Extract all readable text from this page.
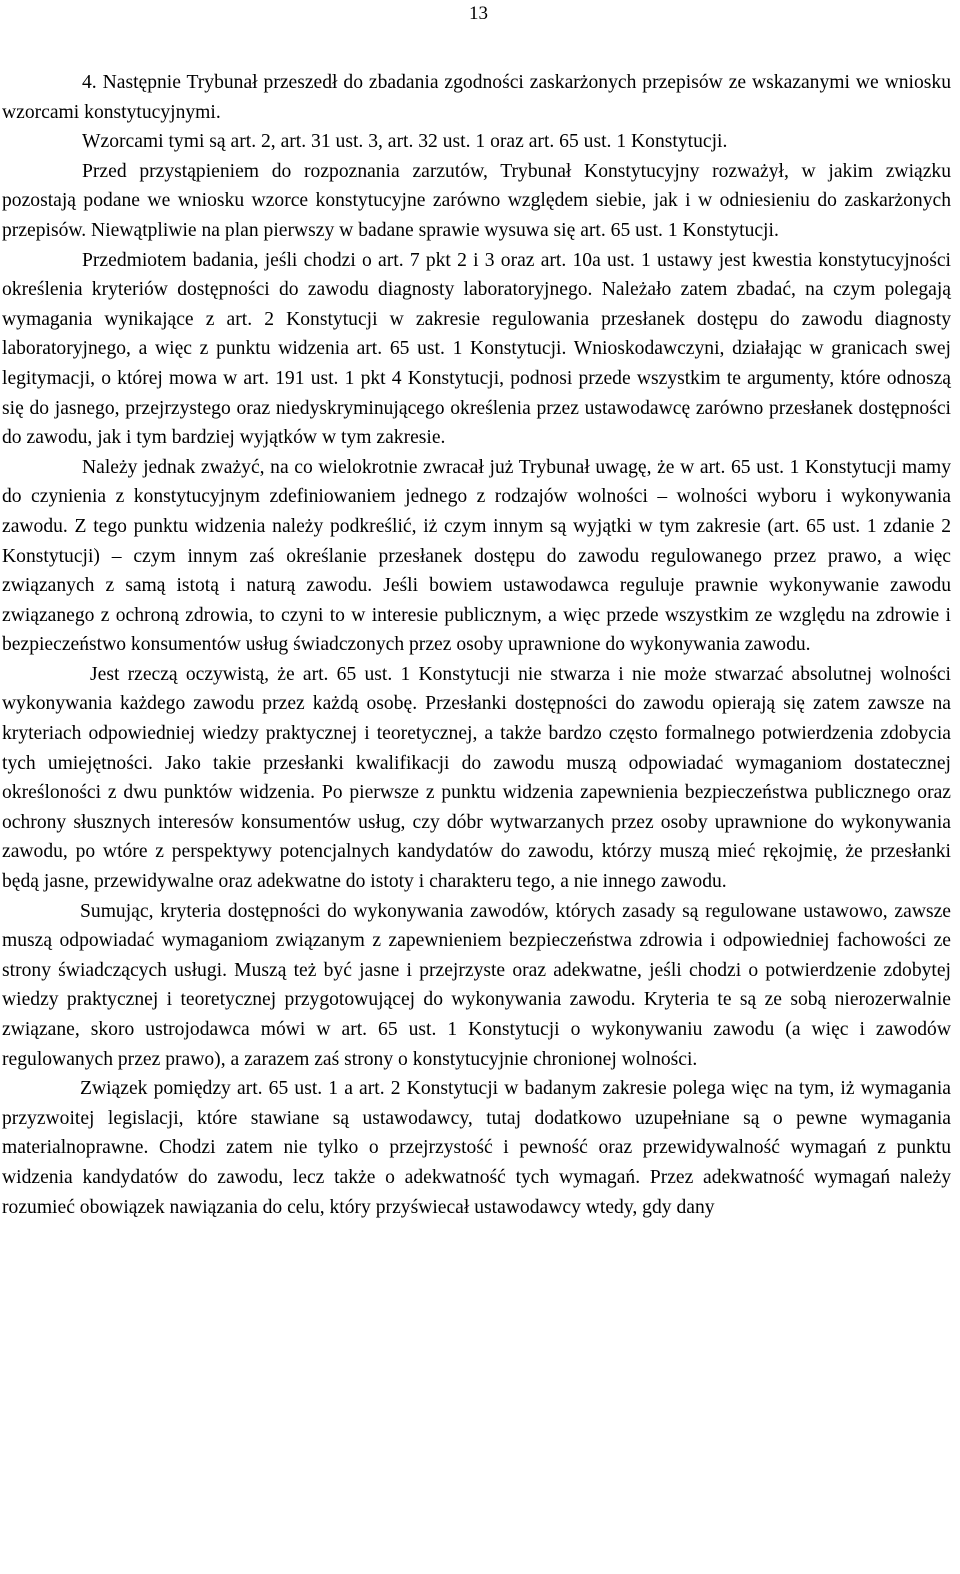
13

4. Następnie Trybunał przeszedł do zbadania zgodności zaskarżonych przepisów ze wskazanymi we wniosku wzorcami konstytucyjnymi.

Wzorcami tymi są art. 2, art. 31 ust. 3, art. 32 ust. 1 oraz art. 65 ust. 1 Konstytucji.

Przed przystąpieniem do rozpoznania zarzutów, Trybunał Konstytucyjny rozważył, w jakim związku pozostają podane we wniosku wzorce konstytucyjne zarówno względem siebie, jak i w odniesieniu do zaskarżonych przepisów. Niewątpliwie na plan pierwszy w badane sprawie wysuwa się art. 65 ust. 1 Konstytucji.

Przedmiotem badania, jeśli chodzi o art. 7 pkt 2 i 3 oraz art. 10a ust. 1 ustawy jest kwestia konstytucyjności określenia kryteriów dostępności do zawodu diagnosty laboratoryjnego. Należało zatem zbadać, na czym polegają wymagania wynikające z art. 2 Konstytucji w zakresie regulowania przesłanek dostępu do zawodu diagnosty laboratoryjnego, a więc z punktu widzenia art. 65 ust. 1 Konstytucji. Wnioskodawczyni, działając w granicach swej legitymacji, o której mowa w art. 191 ust. 1 pkt 4 Konstytucji, podnosi przede wszystkim te argumenty, które odnoszą się do jasnego, przejrzystego oraz niedyskryminującego określenia przez ustawodawcę zarówno przesłanek dostępności do zawodu, jak i tym bardziej wyjątków w tym zakresie.

Należy jednak zważyć, na co wielokrotnie zwracał już Trybunał uwagę, że w art. 65 ust. 1 Konstytucji mamy do czynienia z konstytucyjnym zdefiniowaniem jednego z rodzajów wolności – wolności wyboru i wykonywania zawodu. Z tego punktu widzenia należy podkreślić, iż czym innym są wyjątki w tym zakresie (art. 65 ust. 1 zdanie 2 Konstytucji) – czym innym zaś określanie przesłanek dostępu do zawodu regulowanego przez prawo, a więc związanych z samą istotą i naturą zawodu. Jeśli bowiem ustawodawca reguluje prawnie wykonywanie zawodu związanego z ochroną zdrowia, to czyni to w interesie publicznym, a więc przede wszystkim ze względu na zdrowie i bezpieczeństwo konsumentów usług świadczonych przez osoby uprawnione do wykonywania zawodu.

Jest rzeczą oczywistą, że art. 65 ust. 1 Konstytucji nie stwarza i nie może stwarzać absolutnej wolności wykonywania każdego zawodu przez każdą osobę. Przesłanki dostępności do zawodu opierają się zatem zawsze na kryteriach odpowiedniej wiedzy praktycznej i teoretycznej, a także bardzo często formalnego potwierdzenia zdobycia tych umiejętności. Jako takie przesłanki kwalifikacji do zawodu muszą odpowiadać wymaganiom dostatecznej określoności z dwu punktów widzenia. Po pierwsze z punktu widzenia zapewnienia bezpieczeństwa publicznego oraz ochrony słusznych interesów konsumentów usług, czy dóbr wytwarzanych przez osoby uprawnione do wykonywania zawodu, po wtóre z perspektywy potencjalnych kandydatów do zawodu, którzy muszą mieć rękojmię, że przesłanki będą jasne, przewidywalne oraz adekwatne do istoty i charakteru tego, a nie innego zawodu.

Sumując, kryteria dostępności do wykonywania zawodów, których zasady są regulowane ustawowo, zawsze muszą odpowiadać wymaganiom związanym z zapewnieniem bezpieczeństwa zdrowia i odpowiedniej fachowości ze strony świadczących usługi. Muszą też być jasne i przejrzyste oraz adekwatne, jeśli chodzi o potwierdzenie zdobytej wiedzy praktycznej i teoretycznej przygotowującej do wykonywania zawodu. Kryteria te są ze sobą nierozerwalnie związane, skoro ustrojodawca mówi w art. 65 ust. 1 Konstytucji o wykonywaniu zawodu (a więc i zawodów regulowanych przez prawo), a zarazem zaś strony o konstytucyjnie chronionej wolności.

Związek pomiędzy art. 65 ust. 1 a art. 2 Konstytucji w badanym zakresie polega więc na tym, iż wymagania przyzwoitej legislacji, które stawiane są ustawodawcy, tutaj dodatkowo uzupełniane są o pewne wymagania materialnoprawne. Chodzi zatem nie tylko o przejrzystość i pewność oraz przewidywalność wymagań z punktu widzenia kandydatów do zawodu, lecz także o adekwatność tych wymagań. Przez adekwatność wymagań należy rozumieć obowiązek nawiązania do celu, który przyświecał ustawodawcy wtedy, gdy dany
